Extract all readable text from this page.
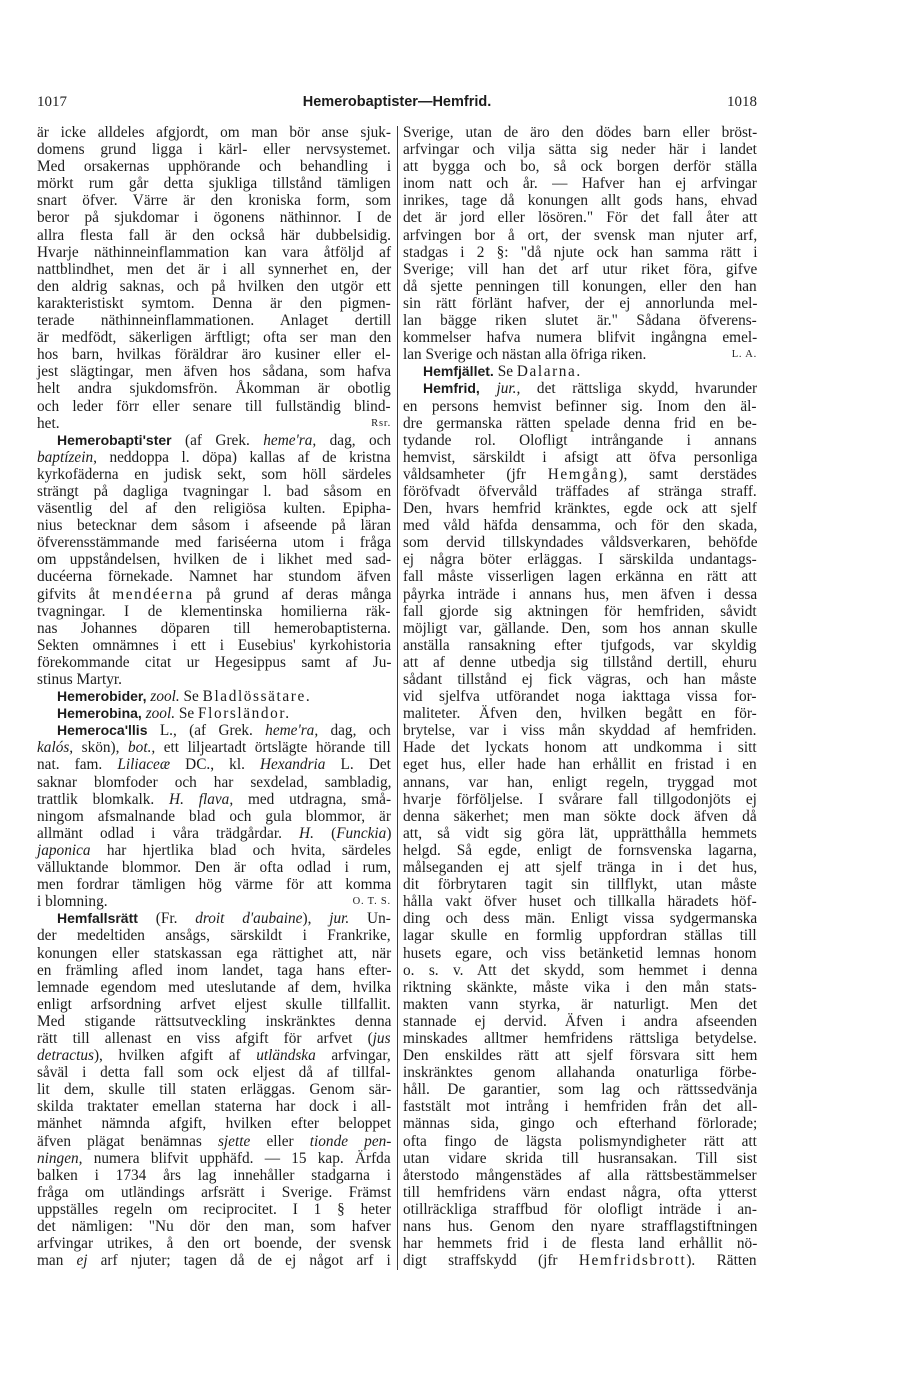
1017	Hemerobaptister—Hemfrid.	1018
är icke alldeles afgjordt, om man bör anse sjuk-
domens grund ligga i kärl- eller nervsystemet.
Med orsakernas upphörande och behandling i
mörkt rum går detta sjukliga tillstånd tämligen
snart öfver. Värre är den kroniska form, som
beror på sjukdomar i ögonens näthinnor. I de
allra flesta fall är den också här dubbelsidig.
Hvarje näthinneinflammation kan vara åtföljd af
nattblindhet, men det är i all synnerhet en, der
den aldrig saknas, och på hvilken den utgör ett
karakteristiskt symtom. Denna är den pigmen-
terade näthinneinflammationen. Anlaget dertill
är medfödt, säkerligen ärftligt; ofta ser man den
hos barn, hvilkas föräldrar äro kusiner eller el-
jest slägtingar, men äfven hos sådana, som hafva
helt andra sjukdomsfrön. Åkomman är obotlig
och leder förr eller senare till fullständig blind-
het.	Rsr.
Hemerobapti'ster (af Grek. heme'ra, dag, och
baptízein, neddoppa l. döpa) kallas af de kristna
kyrkofäderna en judisk sekt, som höll särdeles
strängt på dagliga tvagningar l. bad såsom en
väsentlig del af den religiösa kulten. Epipha-
nius betecknar dem såsom i afseende på läran
öfverensstämmande med fariséerna utom i fråga
om uppståndelsen, hvilken de i likhet med sad-
ducéerna förnekade. Namnet har stundom äfven
gifvits åt mendéerna på grund af deras många
tvagningar. I de klementinska homilierna räk-
nas Johannes döparen till hemerobaptisterna.
Sekten omnämnes i ett i Eusebius' kyrkohistoria
förekommande citat ur Hegesippus samt af Ju-
stinus Martyr.
Hemerobider, zool. Se Bladlössätare.
Hemerobina, zool. Se Florsländor.
Hemeroca'llis L., (af Grek. heme'ra, dag, och
kalós, skön), bot., ett liljeartadt örtslägte hörande till
nat. fam. Liliaceæ DC., kl. Hexandria L. Det
saknar blomfoder och har sexdelad, sambladig,
trattlik blomkalk. H. flava, med utdragna, små-
ningom afsmalnande blad och gula blommor, är
allmänt odlad i våra trädgårdar. H. (Funckia)
japonica har hjertlika blad och hvita, särdeles
välluktande blommor. Den är ofta odlad i rum,
men fordrar tämligen hög värme för att komma
i blomning.	O. T. S.
Hemfallsrätt (Fr. droit d'aubaine), jur. Un-
der medeltiden ansågs, särskildt i Frankrike,
konungen eller statskassan ega rättighet att, när
en främling afled inom landet, taga hans efter-
lemnade egendom med uteslutande af dem, hvilka
enligt arfsordning arfvet eljest skulle tillfallit.
Med stigande rättsutveckling inskränktes denna
rätt till allenast en viss afgift för arfvet (jus
detractus), hvilken afgift af utländska arfvingar,
såväl i detta fall som ock eljest då af tillfal-
lit dem, skulle till staten erläggas. Genom sär-
skilda traktater emellan staterna har dock i all-
mänhet nämnda afgift, hvilken efter beloppet
äfven plägat benämnas sjette eller tionde pen-
ningen, numera blifvit upphäfd. — 15 kap. Ärfda
balken i 1734 års lag innehåller stadgarna i
fråga om utländings arfsrätt i Sverige. Främst
uppställes regeln om reciprocitet. I 1 § heter
det nämligen: "Nu dör den man, som hafver
arfvingar utrikes, å den ort boende, der svensk
man ej arf njuter; tagen då de ej något arf i
Sverige, utan de äro den dödes barn eller bröst-
arfvingar och vilja sätta sig neder här i landet
att bygga och bo, så ock borgen derför ställa
inom natt och år. — Hafver han ej arfvingar
inrikes, tage då konungen allt gods hans, ehvad
det är jord eller lösören." För det fall åter att
arfvingen bor å ort, der svensk man njuter arf,
stadgas i 2 §: "då njute ock han samma rätt i
Sverige; vill han det arf utur riket föra, gifve
då sjette penningen till konungen, eller den han
sin rätt förlänt hafver, der ej annorlunda mel-
lan bägge riken slutet är." Sådana öfverens-
kommelser hafva numera blifvit ingångna emel-
lan Sverige och nästan alla öfriga riken.	L. A.
Hemfjället. Se Dalarna.
Hemfrid, jur., det rättsliga skydd, hvarunder
en persons hemvist befinner sig. Inom den äl-
dre germanska rätten spelade denna frid en be-
tydande rol. Olofligt intrångande i annans
hemvist, särskildt i afsigt att öfva personliga
våldsamheter (jfr Hemgång), samt derstädes
föröfvadt öfvervåld träffades af stränga straff.
Den, hvars hemfrid kränktes, egde ock att sjelf
med våld häfda densamma, och för den skada,
som dervid tillskyndades våldsverkaren, behöfde
ej några böter erläggas. I särskilda undantags-
fall måste visserligen lagen erkänna en rätt att
påyrka inträde i annans hus, men äfven i dessa
fall gjorde sig aktningen för hemfriden, såvidt
möjligt var, gällande. Den, som hos annan skulle
anställa ransakning efter tjufgods, var skyldig
att af denne utbedja sig tillstånd dertill, ehuru
sådant tillstånd ej fick vägras, och han måste
vid sjelfva utförandet noga iakttaga vissa for-
maliteter. Äfven den, hvilken begått en för-
brytelse, var i viss mån skyddad af hemfriden.
Hade det lyckats honom att undkomma i sitt
eget hus, eller hade han erhållit en fristad i en
annans, var han, enligt regeln, tryggad mot
hvarje förföljelse. I svårare fall tillgodonjöts ej
denna säkerhet; men man sökte dock äfven då
att, så vidt sig göra lät, upprätthålla hemmets
helgd. Så egde, enligt de fornsvenska lagarna,
målseganden ej att sjelf tränga in i det hus,
dit förbrytaren tagit sin tillflykt, utan måste
hålla vakt öfver huset och tillkalla häradets höf-
ding och dess män. Enligt vissa sydgermanska
lagar skulle en formlig uppfordran ställas till
husets egare, och viss betänketid lemnas honom
o. s. v. Att det skydd, som hemmet i denna
riktning skänkte, måste vika i den mån stats-
makten vann styrka, är naturligt. Men det
stannade ej dervid. Äfven i andra afseenden
minskades alltmer hemfridens rättsliga betydelse.
Den enskildes rätt att sjelf försvara sitt hem
inskränktes genom allahanda onaturliga förbe-
håll. De garantier, som lag och rättssedvänja
faststält mot intrång i hemfriden från det all-
männas sida, gingo och efterhand förlorade;
ofta fingo de lägsta polismyndigheter rätt att
utan vidare skrida till husransakan. Till sist
återstodo mångenstädes af alla rättsbestämmelser
till hemfridens värn endast några, ofta ytterst
otillräckliga straffbud för olofligt inträde i an-
nans hus. Genom den nyare strafflagstiftningen
har hemmets frid i de flesta land erhållit nö-
digt straffskydd (jfr Hemfridsbrott). Rätten
